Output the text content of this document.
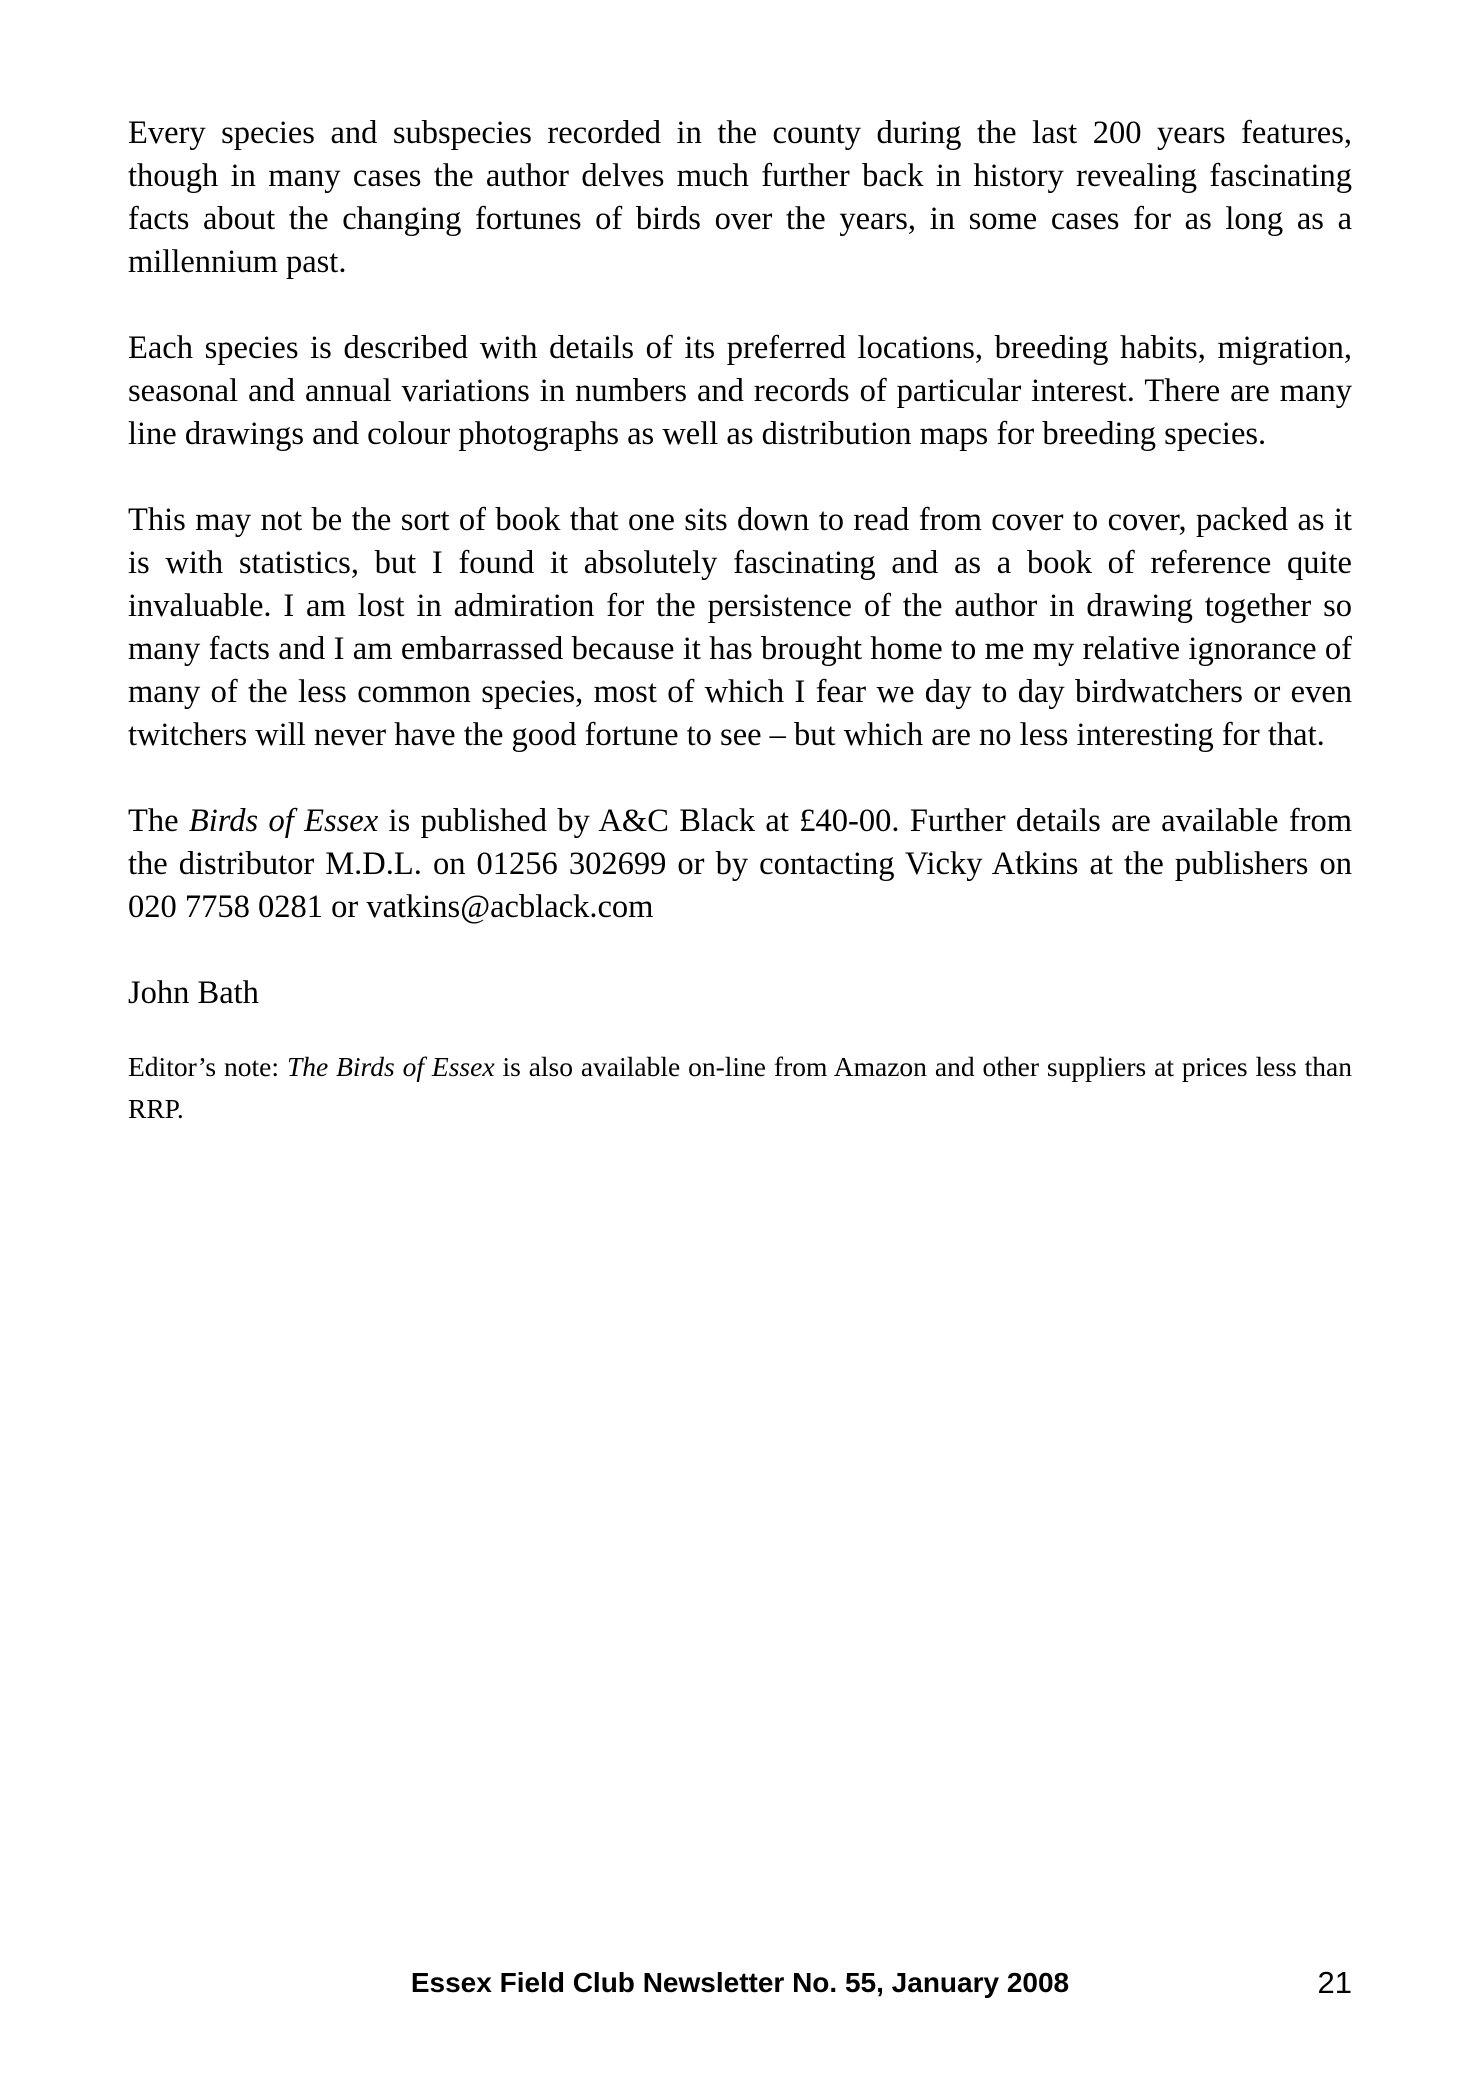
Every species and subspecies recorded in the county during the last 200 years features, though in many cases the author delves much further back in history revealing fascinating facts about the changing fortunes of birds over the years, in some cases for as long as a millennium past.

Each species is described with details of its preferred locations, breeding habits, migration, seasonal and annual variations in numbers and records of particular interest. There are many line drawings and colour photographs as well as distribution maps for breeding species.

This may not be the sort of book that one sits down to read from cover to cover, packed as it is with statistics, but I found it absolutely fascinating and as a book of reference quite invaluable. I am lost in admiration for the persistence of the author in drawing together so many facts and I am embarrassed because it has brought home to me my relative ignorance of many of the less common species, most of which I fear we day to day birdwatchers or even twitchers will never have the good fortune to see – but which are no less interesting for that.

The Birds of Essex is published by A&C Black at £40-00. Further details are available from the distributor M.D.L. on 01256 302699 or by contacting Vicky Atkins at the publishers on 020 7758 0281 or vatkins@acblack.com

John Bath

Editor’s note: The Birds of Essex is also available on-line from Amazon and other suppliers at prices less than RRP.

Essex Field Club Newsletter No. 55, January 2008	21
